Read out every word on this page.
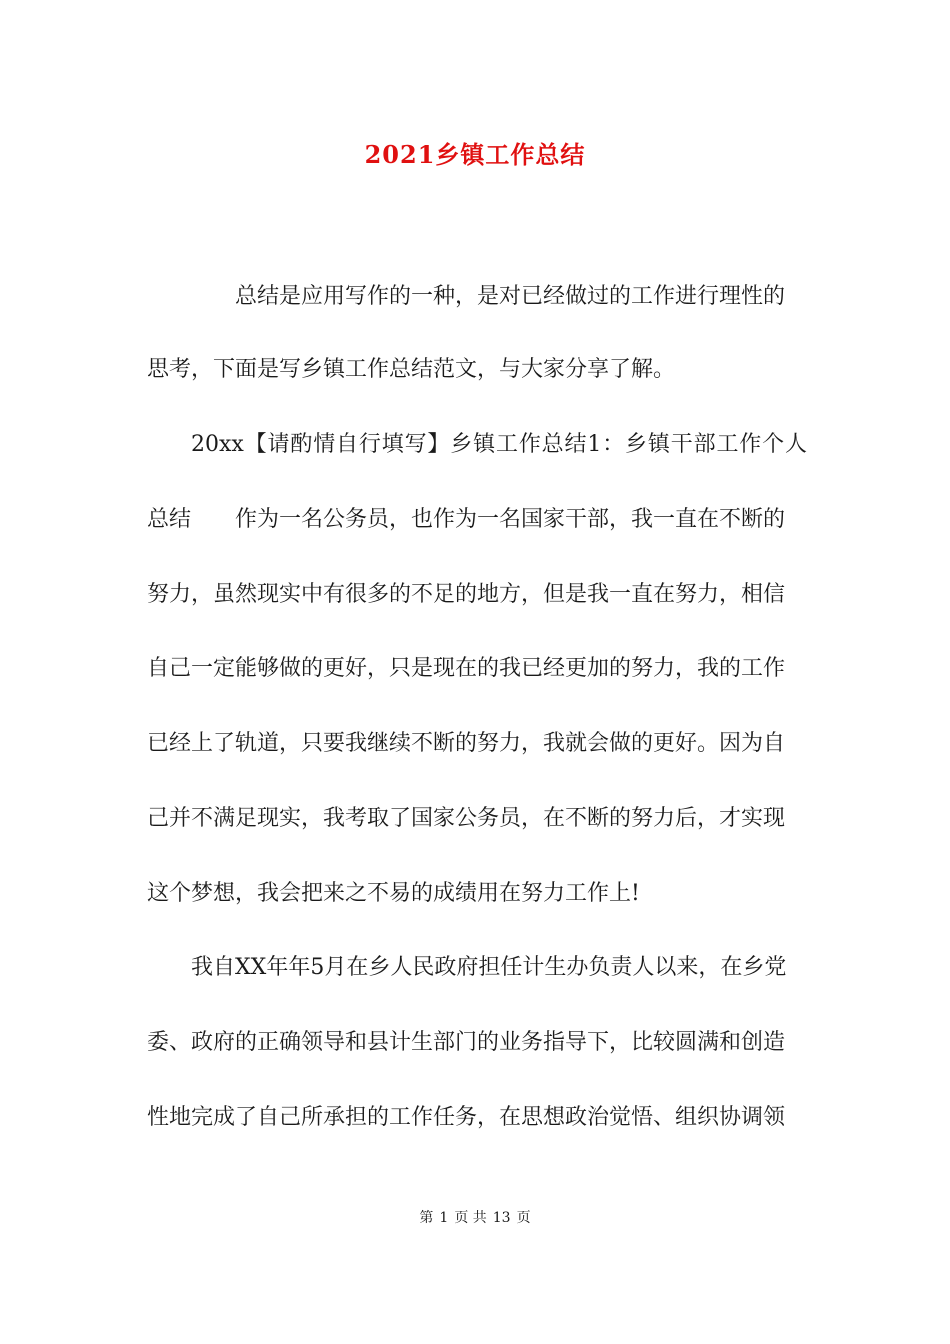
2021乡镇工作总结
总结是应用写作的一种，是对已经做过的工作进行理性的
思考，下面是写乡镇工作总结范文，与大家分享了解。
20xx【请酌情自行填写】乡镇工作总结1：乡镇干部工作个人
总结　　作为一名公务员，也作为一名国家干部，我一直在不断的
努力，虽然现实中有很多的不足的地方，但是我一直在努力，相信
自己一定能够做的更好，只是现在的我已经更加的努力，我的工作
已经上了轨道，只要我继续不断的努力，我就会做的更好。因为自
己并不满足现实，我考取了国家公务员，在不断的努力后，才实现
这个梦想，我会把来之不易的成绩用在努力工作上!
我自XX年年5月在乡人民政府担任计生办负责人以来，在乡党
委、政府的正确领导和县计生部门的业务指导下，比较圆满和创造
性地完成了自己所承担的工作任务，在思想政治觉悟、组织协调领
第 1 页 共 13 页
